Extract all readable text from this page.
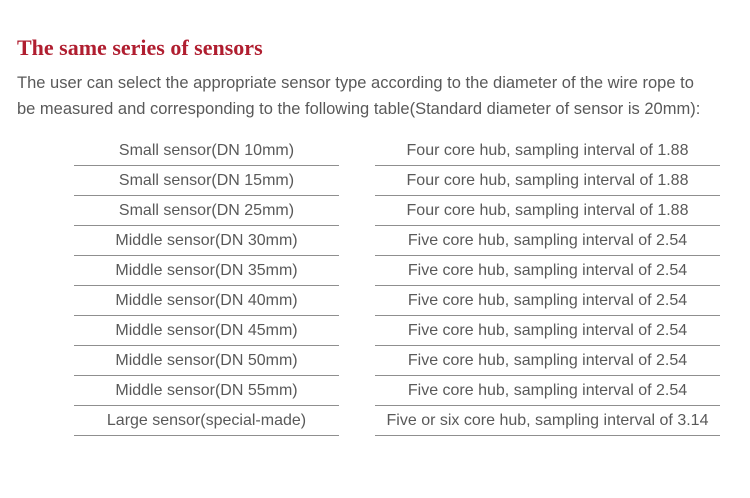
The same series of sensors

The user can select the appropriate sensor type according to the diameter of the wire rope to
be measured and corresponding to the following table(Standard diameter of sensor is 20mm):

Small sensor(DN 10mm)	Four core hub, sampling interval of 1.88
Small sensor(DN 15mm)	Four core hub, sampling interval of 1.88
Small sensor(DN 25mm)	Four core hub, sampling interval of 1.88
Middle sensor(DN 30mm)	Five core hub, sampling interval of 2.54
Middle sensor(DN 35mm)	Five core hub, sampling interval of 2.54
Middle sensor(DN 40mm)	Five core hub, sampling interval of 2.54
Middle sensor(DN 45mm)	Five core hub, sampling interval of 2.54
Middle sensor(DN 50mm)	Five core hub, sampling interval of 2.54
Middle sensor(DN 55mm)	Five core hub, sampling interval of 2.54
Large sensor(special-made)	Five or six core hub, sampling interval of 3.14
